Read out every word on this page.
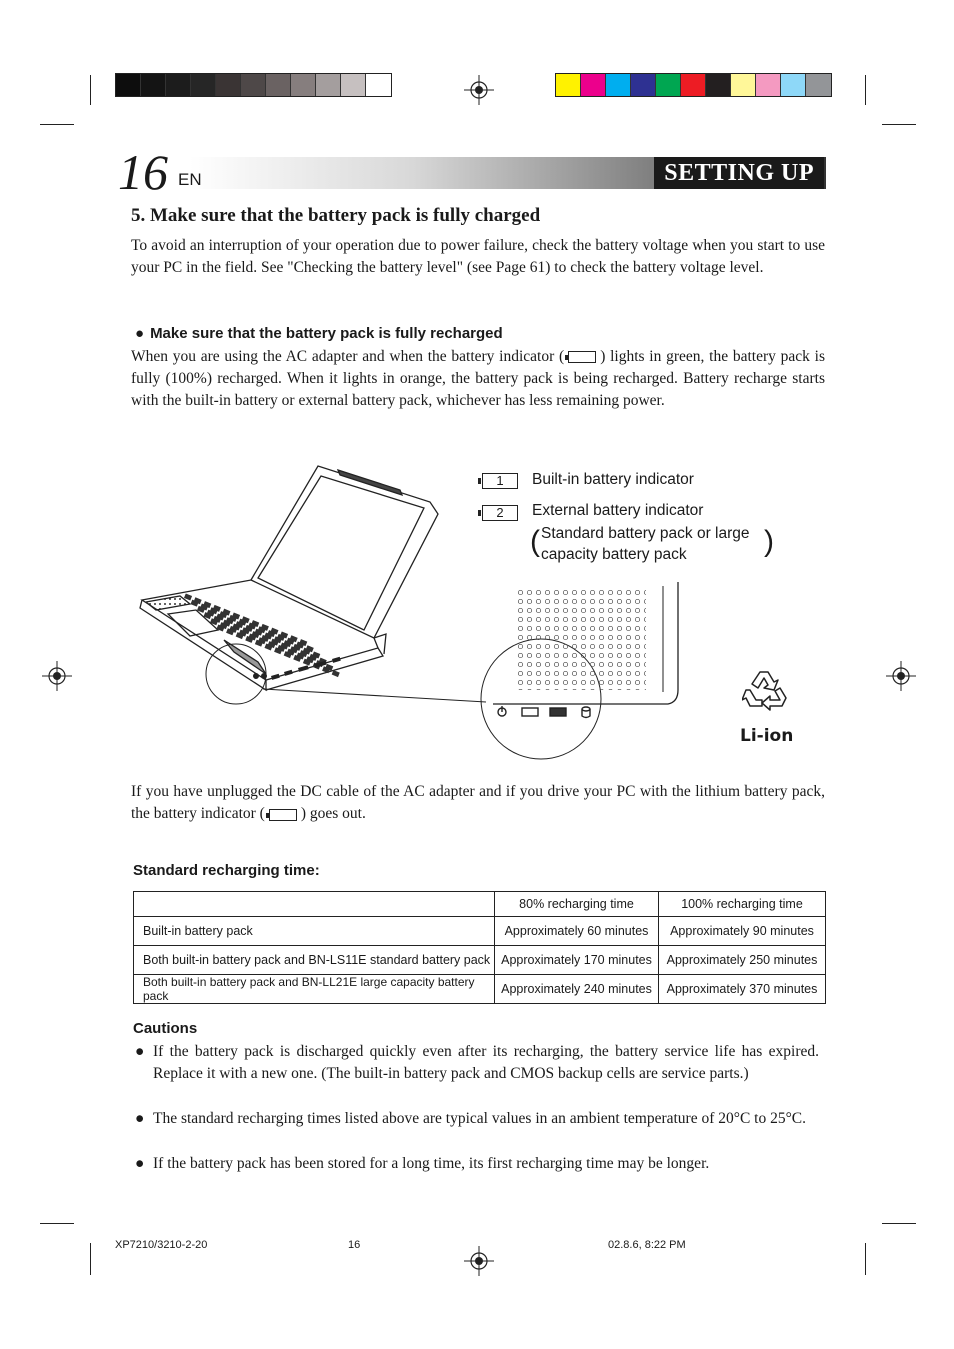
16 EN	SETTING UP
5. Make sure that the battery pack is fully charged
To avoid an interruption of your operation due to power failure, check the battery voltage when you start to use your PC in the field. See "Checking the battery level" (see Page 61) to check the battery voltage level.
● Make sure that the battery pack is fully recharged
When you are using the AC adapter and when the battery indicator ( ) lights in green, the battery pack is fully (100%) recharged. When it lights in orange, the battery pack is being recharged. Battery recharge starts with the built-in battery or external battery pack, whichever has less remaining power.
1	Built-in battery indicator
2	External battery indicator
( Standard battery pack or large
capacity battery pack	)
Li-ion
If you have unplugged the DC cable of the AC adapter and if you drive your PC with the lithium battery pack, the battery indicator ( ) goes out.
Standard recharging time:
	80% recharging time	100% recharging time
Built-in battery pack	Approximately 60 minutes	Approximately 90 minutes
Both built-in battery pack and BN-LS11E standard battery pack	Approximately 170 minutes	Approximately 250 minutes
Both built-in battery pack and BN-LL21E large capacity battery pack	Approximately 240 minutes	Approximately 370 minutes
Cautions
● If the battery pack is discharged quickly even after its recharging, the battery service life has expired. Replace it with a new one. (The built-in battery pack and CMOS backup cells are service parts.)
● The standard recharging times listed above are typical values in an ambient temperature of 20°C to 25°C.
● If the battery pack has been stored for a long time, its first recharging time may be longer.
XP7210/3210-2-20	16	02.8.6, 8:22 PM
